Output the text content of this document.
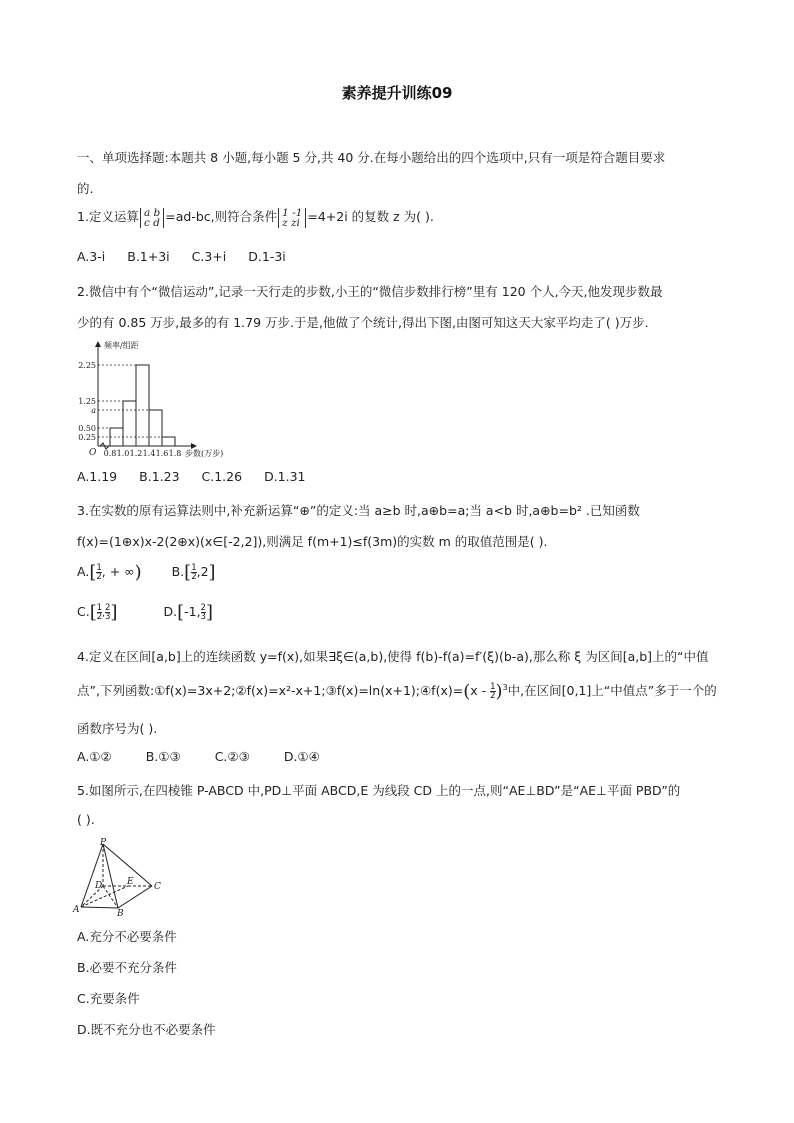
素养提升训练09
一、单项选择题:本题共 8 小题,每小题 5 分,共 40 分.在每小题给出的四个选项中,只有一项是符合题目要求
的.
1.定义运算 a b
c d =ad-bc,则符合条件 1 -1
z zi =4+2i 的复数 z 为( ).
A.3-i B.1+3i C.3+i D.1-3i
2.微信中有个“微信运动”,记录一天行走的步数,小王的“微信步数排行榜”里有 120 个人,今天,他发现步数最
少的有 0.85 万步,最多的有 1.79 万步.于是,他做了个统计,得出下图,由图可知这天大家平均走了( )万步.
2.25
1.25
a
0.50
0.25
0.8 1.0 1.2 1.4 1.6 1.8
O
频率/组距
步数(万步)
A.1.19 B.1.23 C.1.26 D.1.31
3.在实数的原有运算法则中,补充新运算“⊕”的定义:当 a≥b 时,a⊕b=a;当 a<b 时,a⊕b=b² .已知函数
f(x)=(1⊕x)x-2(2⊕x)(x∈[-2,2]),则满足 f(m+1)≤f(3m)的实数 m 的取值范围是( ).
$A.[ \frac{1}{2}$ , + ∞) $B.[ \frac{1}{2} ,2]$
$C.[ \frac{1}{2}$ , $\frac{2}{3}$ ]	D.[-1, $\frac{2}{3}$ ]
4.定义在区间[a,b]上的连续函数 y=f(x),如果∃ξ∈(a,b),使得 f(b)-f(a)=f′(ξ)(b-a),那么称 ξ 为区间[a,b]上的“中值
点”,下列函数:①f(x)=3x+2;②f(x)=x²-x+1;③f(x)=ln(x+1);④f(x)=(x - $\frac{1}{2} )^3$中,在区间[0,1]上“中值点”多于一个的
函数序号为( ).
A.①②	B.①③	C.②③	D.①④
5.如图所示,在四棱锥 P-ABCD 中,PD⊥平面 ABCD,E 为线段 CD 上的一点,则“AE⊥BD”是“AE⊥平面 PBD”的
( ).
P
D	E C
A	B
A.充分不必要条件
B.必要不充分条件
C.充要条件
D.既不充分也不必要条件
